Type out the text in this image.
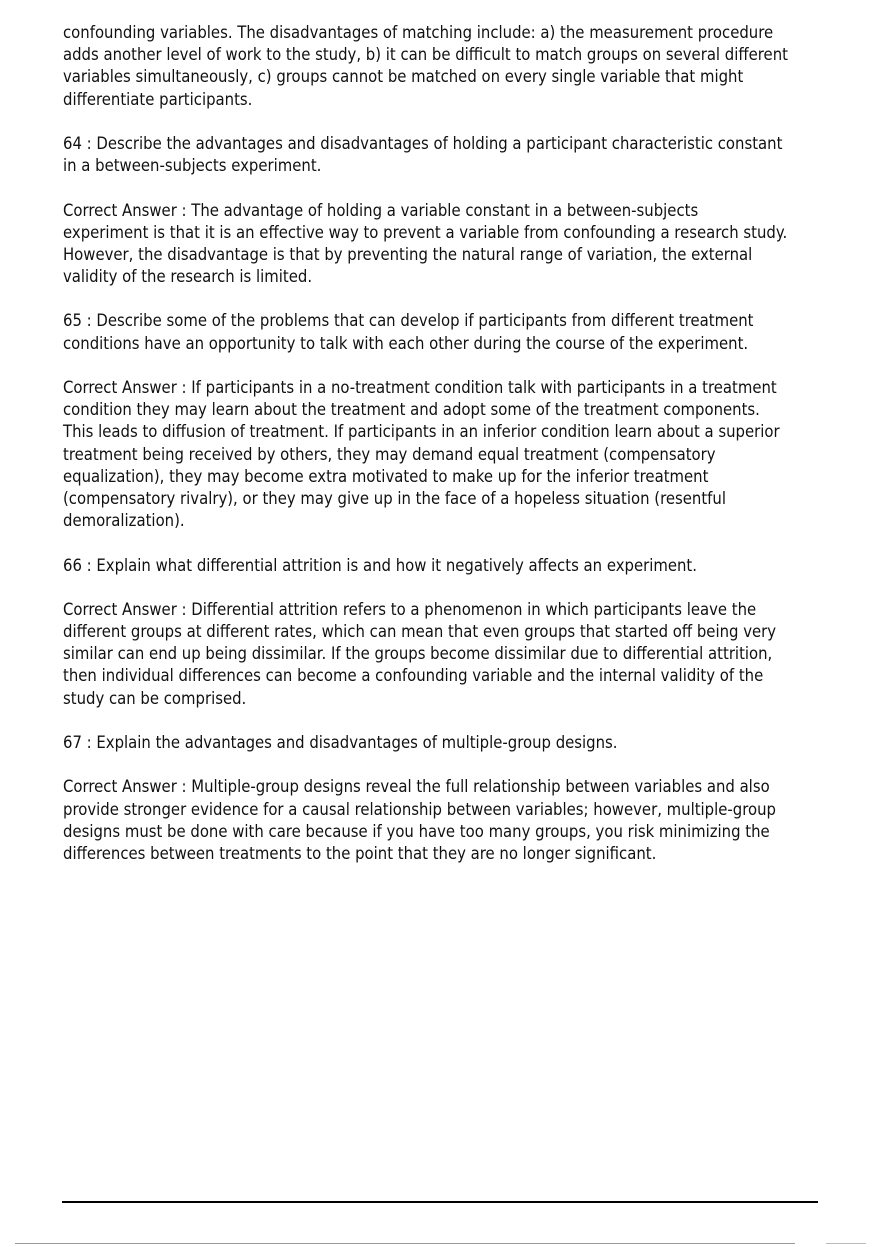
confounding variables. The disadvantages of matching include: a) the measurement procedure
adds another level of work to the study, b) it can be difficult to match groups on several different
variables simultaneously, c) groups cannot be matched on every single variable that might
differentiate participants.
64 : Describe the advantages and disadvantages of holding a participant characteristic constant
in a between-subjects experiment.
Correct Answer : The advantage of holding a variable constant in a between-subjects
experiment is that it is an effective way to prevent a variable from confounding a research study.
However, the disadvantage is that by preventing the natural range of variation, the external
validity of the research is limited.
65 : Describe some of the problems that can develop if participants from different treatment
conditions have an opportunity to talk with each other during the course of the experiment.
Correct Answer : If participants in a no-treatment condition talk with participants in a treatment
condition they may learn about the treatment and adopt some of the treatment components.
This leads to diffusion of treatment. If participants in an inferior condition learn about a superior
treatment being received by others, they may demand equal treatment (compensatory
equalization), they may become extra motivated to make up for the inferior treatment
(compensatory rivalry), or they may give up in the face of a hopeless situation (resentful
demoralization).
66 : Explain what differential attrition is and how it negatively affects an experiment.
Correct Answer : Differential attrition refers to a phenomenon in which participants leave the
different groups at different rates, which can mean that even groups that started off being very
similar can end up being dissimilar. If the groups become dissimilar due to differential attrition,
then individual differences can become a confounding variable and the internal validity of the
study can be comprised.
67 : Explain the advantages and disadvantages of multiple-group designs.
Correct Answer : Multiple-group designs reveal the full relationship between variables and also
provide stronger evidence for a causal relationship between variables; however, multiple-group
designs must be done with care because if you have too many groups, you risk minimizing the
differences between treatments to the point that they are no longer significant.
